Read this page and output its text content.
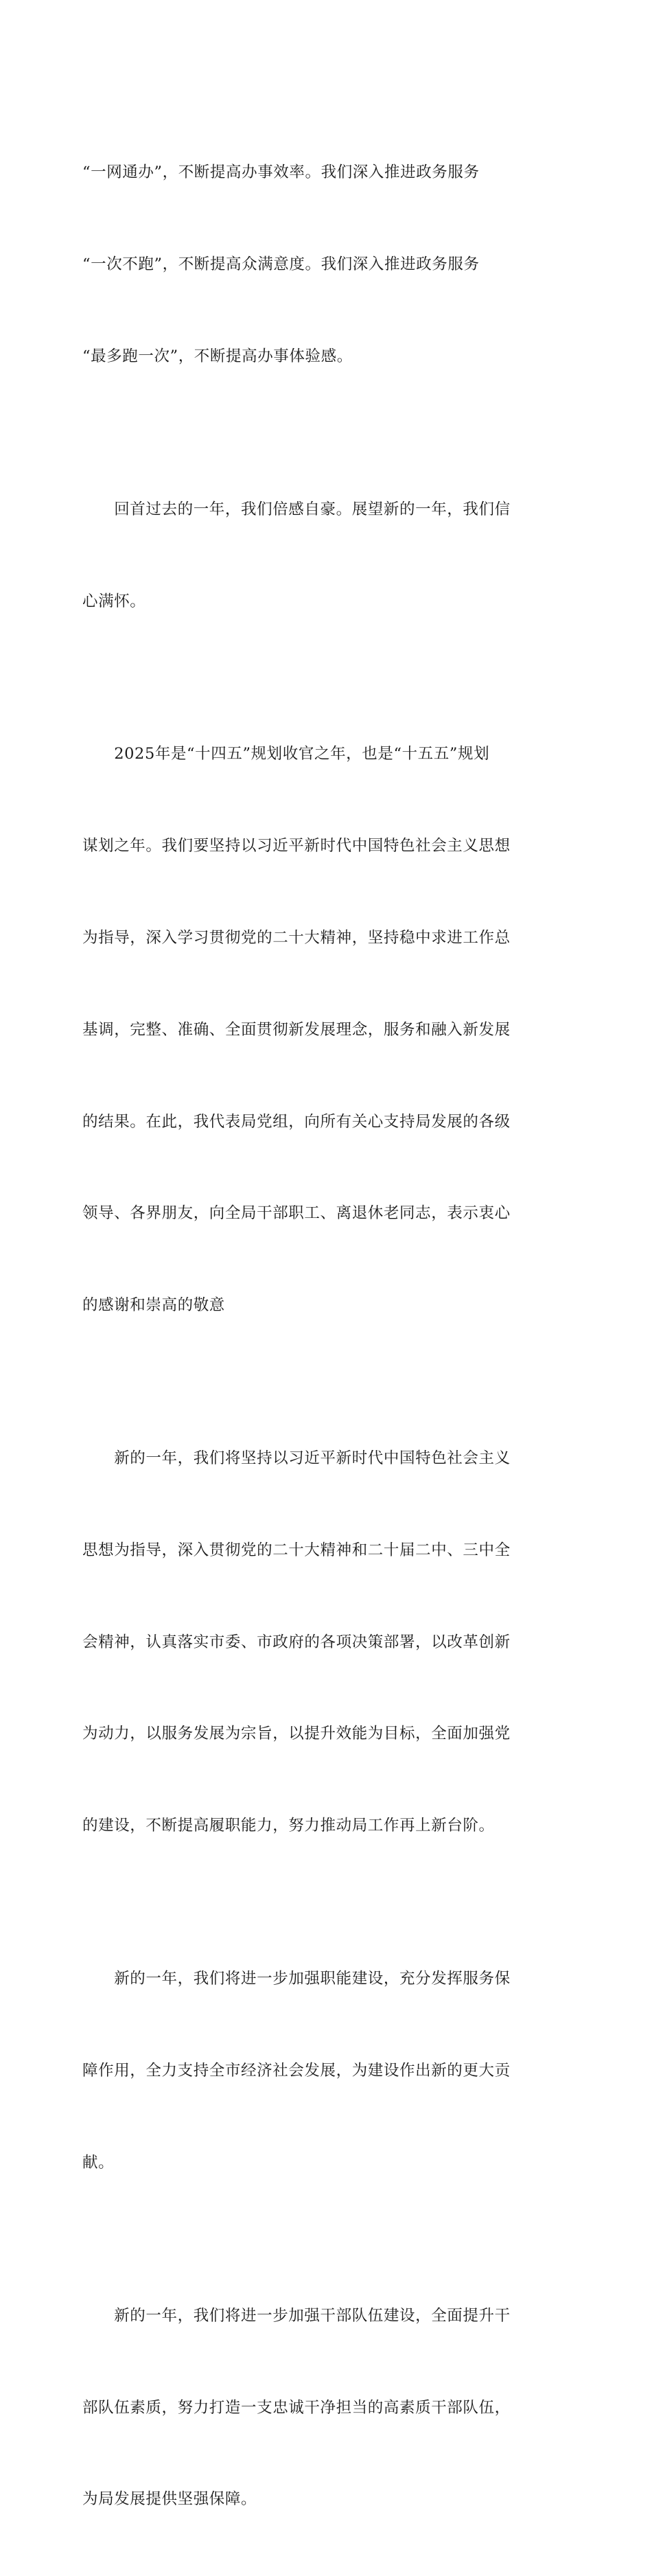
“一网通办”，不断提高办事效率。我们深入推进政务服务

“一次不跑”，不断提高众满意度。我们深入推进政务服务

“最多跑一次”，不断提高办事体验感。

　　回首过去的一年，我们倍感自豪。展望新的一年，我们信

心满怀。

　　2025年是“十四五”规划收官之年，也是“十五五”规划

谋划之年。我们要坚持以习近平新时代中国特色社会主义思想

为指导，深入学习贯彻党的二十大精神，坚持稳中求进工作总

基调，完整、准确、全面贯彻新发展理念，服务和融入新发展

的结果。在此，我代表局党组，向所有关心支持局发展的各级

领导、各界朋友，向全局干部职工、离退休老同志，表示衷心

的感谢和崇高的敬意

　　新的一年，我们将坚持以习近平新时代中国特色社会主义

思想为指导，深入贯彻党的二十大精神和二十届二中、三中全

会精神，认真落实市委、市政府的各项决策部署，以改革创新

为动力，以服务发展为宗旨，以提升效能为目标，全面加强党

的建设，不断提高履职能力，努力推动局工作再上新台阶。

　　新的一年，我们将进一步加强职能建设，充分发挥服务保

障作用，全力支持全市经济社会发展，为建设作出新的更大贡

献。

　　新的一年，我们将进一步加强干部队伍建设，全面提升干

部队伍素质，努力打造一支忠诚干净担当的高素质干部队伍，

为局发展提供坚强保障。
